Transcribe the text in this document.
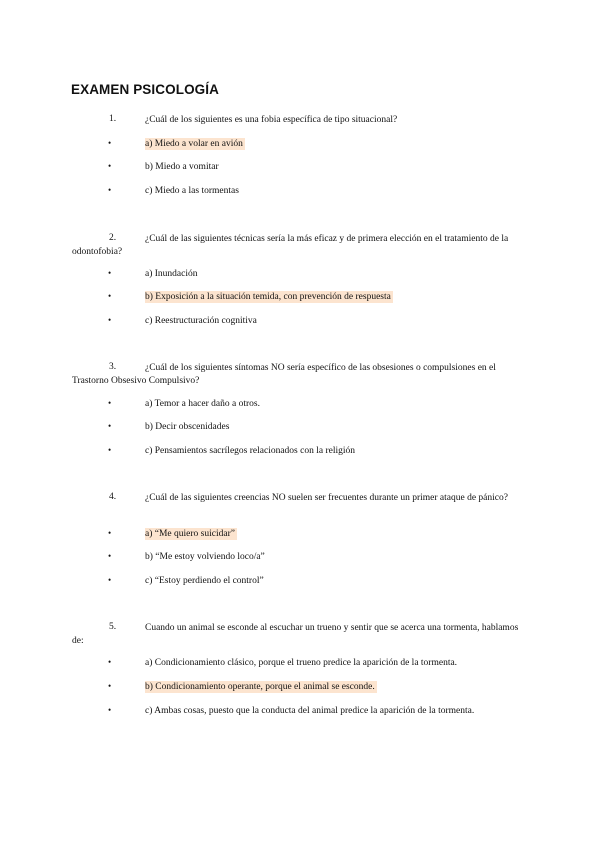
EXAMEN PSICOLOGÍA

¿Cuál de los siguientes es una fobia específica de tipo situacional?

1.
•	a) Miedo a volar en avión
•	b) Miedo a vomitar
•	c) Miedo a las tormentas

¿Cuál de las siguientes técnicas sería la más eficaz y de primera elección en el tratamiento de la odontofobia?

2.
•	a) Inundación
•	b) Exposición a la situación temida, con prevención de respuesta
•	c) Reestructuración cognitiva

¿Cuál de los siguientes síntomas NO sería específico de las obsesiones o compulsiones en el Trastorno Obsesivo Compulsivo?

3.
•	a) Temor a hacer daño a otros.
•	b) Decir obscenidades
•	c) Pensamientos sacrílegos relacionados con la religión

¿Cuál de las siguientes creencias NO suelen ser frecuentes durante un primer ataque de pánico?

4.
•	a) “Me quiero suicidar”
•	b) “Me estoy volviendo loco/a”
•	c) “Estoy perdiendo el control”

Cuando un animal se esconde al escuchar un trueno y sentir que se acerca una tormenta, hablamos de:

5.
•	a) Condicionamiento clásico, porque el trueno predice la aparición de la tormenta.
•	b) Condicionamiento operante, porque el animal se esconde.
•	c) Ambas cosas, puesto que la conducta del animal predice la aparición de la tormenta.
